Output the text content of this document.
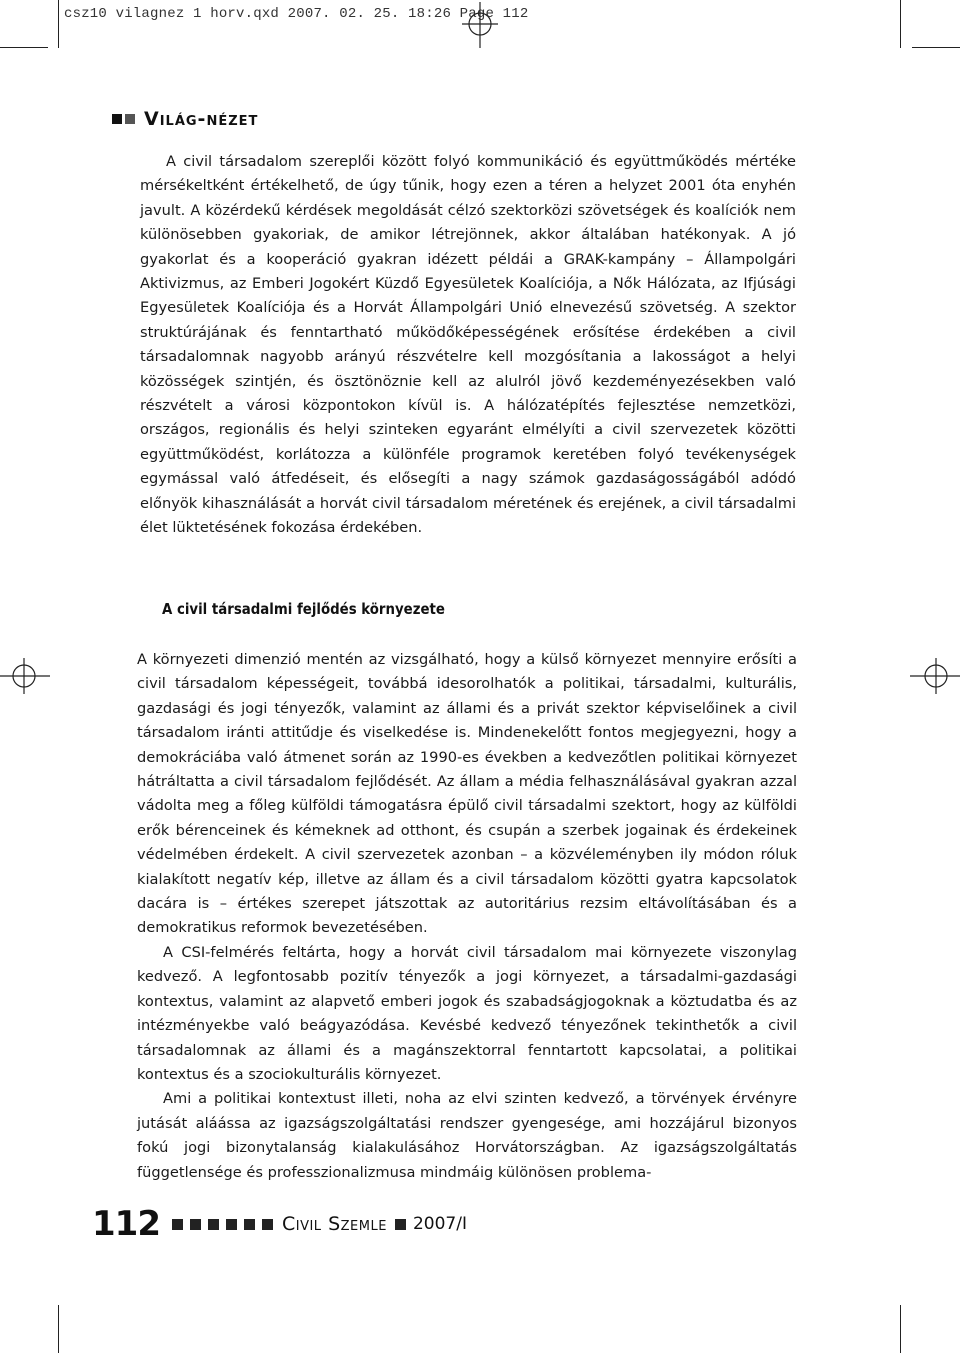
csz10 vilagnez 1 horv.qxd 2007. 02. 25. 18:26 Page 112
Világ-nézet

A civil társadalom szereplői között folyó kommunikáció és együttműködés mértéke mérsékeltként értékelhető, de úgy tűnik, hogy ezen a téren a helyzet 2001 óta enyhén javult. A közérdekű kérdések megoldását célzó szektorközi szövetségek és koalíciók nem különösebben gyakoriak, de amikor létrejönnek, akkor általában hatékonyak. A jó gyakorlat és a kooperáció gyakran idézett példái a GRAK-kampány – Állampolgári Aktivizmus, az Emberi Jogokért Küzdő Egyesületek Koalíciója, a Nők Hálózata, az Ifjúsági Egyesületek Koalíciója és a Horvát Állampolgári Unió elnevezésű szövetség. A szektor struktúrájának és fenntartható működőképességének erősítése érdekében a civil társadalomnak nagyobb arányú részvételre kell mozgósítania a lakosságot a helyi közösségek szintjén, és ösztönöznie kell az alulról jövő kezdeményezésekben való részvételt a városi központokon kívül is. A hálózatépítés fejlesztése nemzetközi, országos, regionális és helyi szinteken egyaránt elmélyíti a civil szervezetek közötti együttműködést, korlátozza a különféle programok keretében folyó tevékenységek egymással való átfedéseit, és elősegíti a nagy számok gazdaságosságából adódó előnyök kihasználását a horvát civil társadalom méretének és erejének, a civil társadalmi élet lüktetésének fokozása érdekében.

A civil társadalmi fejlődés környezete

A környezeti dimenzió mentén az vizsgálható, hogy a külső környezet mennyire erősíti a civil társadalom képességeit, továbbá idesorolhatók a politikai, társadalmi, kulturális, gazdasági és jogi tényezők, valamint az állami és a privát szektor képviselőinek a civil társadalom iránti attitűdje és viselkedése is. Mindenekelőtt fontos megjegyezni, hogy a demokráciába való átmenet során az 1990-es években a kedvezőtlen politikai környezet hátráltatta a civil társadalom fejlődését. Az állam a média felhasználásával gyakran azzal vádolta meg a főleg külföldi támogatásra épülő civil társadalmi szektort, hogy az külföldi erők bérenceinek és kémeknek ad otthont, és csupán a szerbek jogainak és érdekeinek védelmében érdekelt. A civil szervezetek azonban – a közvéleményben ily módon róluk kialakított negatív kép, illetve az állam és a civil társadalom közötti gyatra kapcsolatok dacára is – értékes szerepet játszottak az autoritárius rezsim eltávolításában és a demokratikus reformok bevezetésében.

A CSI-felmérés feltárta, hogy a horvát civil társadalom mai környezete viszonylag kedvező. A legfontosabb pozitív tényezők a jogi környezet, a társadalmi-gazdasági kontextus, valamint az alapvető emberi jogok és szabadságjogoknak a köztudatba és az intézményekbe való beágyazódása. Kevésbé kedvező tényezőnek tekinthetők a civil társadalomnak az állami és a magánszektorral fenntartott kapcsolatai, a politikai kontextus és a szociokulturális környezet.

Ami a politikai kontextust illeti, noha az elvi szinten kedvező, a törvények érvényre jutását aláássa az igazságszolgáltatási rendszer gyengesége, ami hozzájárul bizonyos fokú jogi bizonytalanság kialakulásához Horvátországban. Az igazságszolgáltatás függetlensége és professzionalizmusa mindmáig különösen problema-

112	Civil Szemle 2007/I
